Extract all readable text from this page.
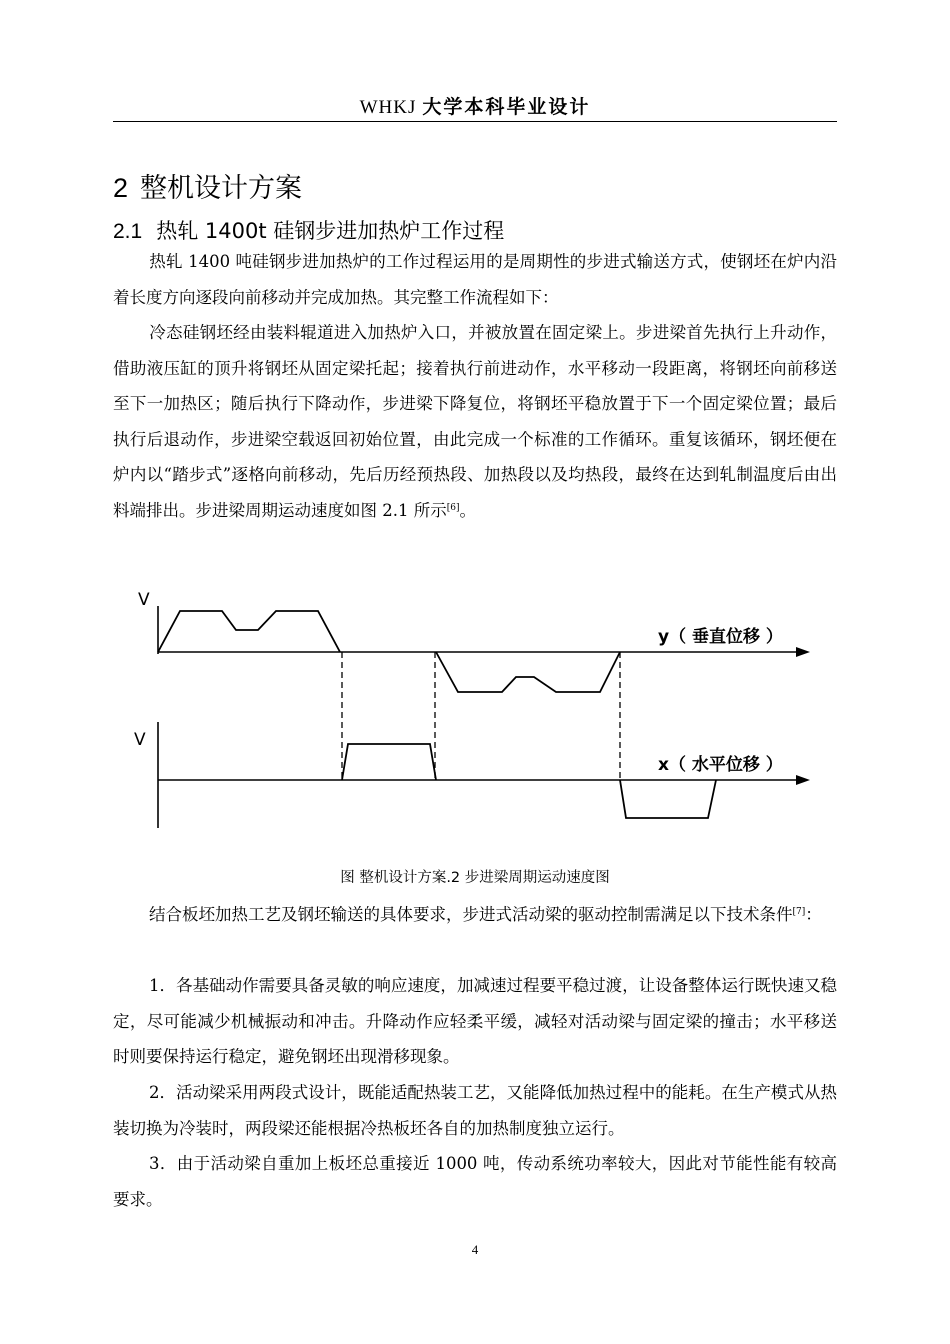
WHKJ 大学本科毕业设计
2 整机设计方案
2.1 热轧 1400t 硅钢步进加热炉工作过程
热轧 1400 吨硅钢步进加热炉的工作过程运用的是周期性的步进式输送方式，使钢坯在炉内沿着长度方向逐段向前移动并完成加热。其完整工作流程如下：
冷态硅钢坯经由装料辊道进入加热炉入口，并被放置在固定梁上。步进梁首先执行上升动作，借助液压缸的顶升将钢坯从固定梁托起；接着执行前进动作，水平移动一段距离，将钢坯向前移送至下一加热区；随后执行下降动作，步进梁下降复位，将钢坯平稳放置于下一个固定梁位置；最后执行后退动作，步进梁空载返回初始位置，由此完成一个标准的工作循环。重复该循环，钢坯便在炉内以“踏步式”逐格向前移动，先后历经预热段、加热段以及均热段，最终在达到轧制温度后由出料端排出。步进梁周期运动速度如图 2.1 所示[6]。
V
y（ 垂直位移 ）
V
x（ 水平位移 ）
图 整机设计方案.2 步进梁周期运动速度图
结合板坯加热工艺及钢坯输送的具体要求，步进式活动梁的驱动控制需满足以下技术条件[7]：
1．各基础动作需要具备灵敏的响应速度，加减速过程要平稳过渡，让设备整体运行既快速又稳定，尽可能减少机械振动和冲击。升降动作应轻柔平缓，减轻对活动梁与固定梁的撞击；水平移送时则要保持运行稳定，避免钢坯出现滑移现象。
2．活动梁采用两段式设计，既能适配热装工艺，又能降低加热过程中的能耗。在生产模式从热装切换为冷装时，两段梁还能根据冷热板坯各自的加热制度独立运行。
3．由于活动梁自重加上板坯总重接近 1000 吨，传动系统功率较大，因此对节能性能有较高要求。
4
